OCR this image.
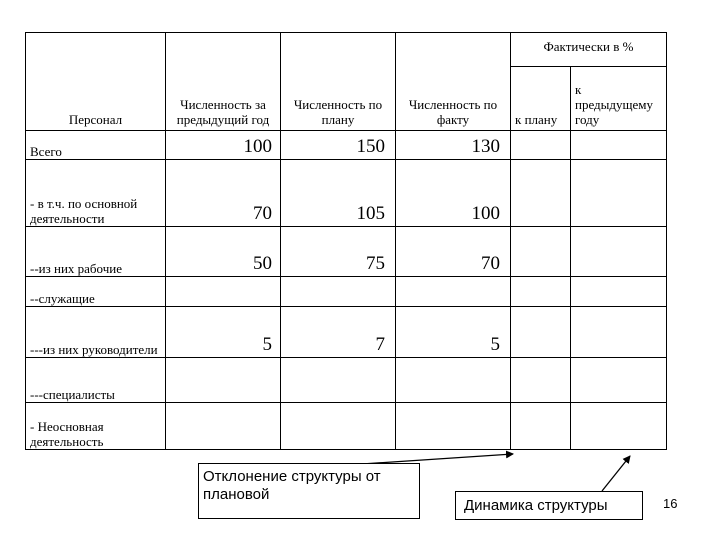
Персонал	Численность за предыдущий год	Численность по плану	Численность по факту	Фактически в %	
				к плану	к предыдущему году
Всего	100	150	130		
- в т.ч. по основной деятельности	70	105	100		
--из них рабочие	50	75	70		
--служащие					
---из них руководители	5	7	5		
---специалисты					
- Неосновная деятельность					
Отклонение структуры от плановой
Динамика структуры	16
